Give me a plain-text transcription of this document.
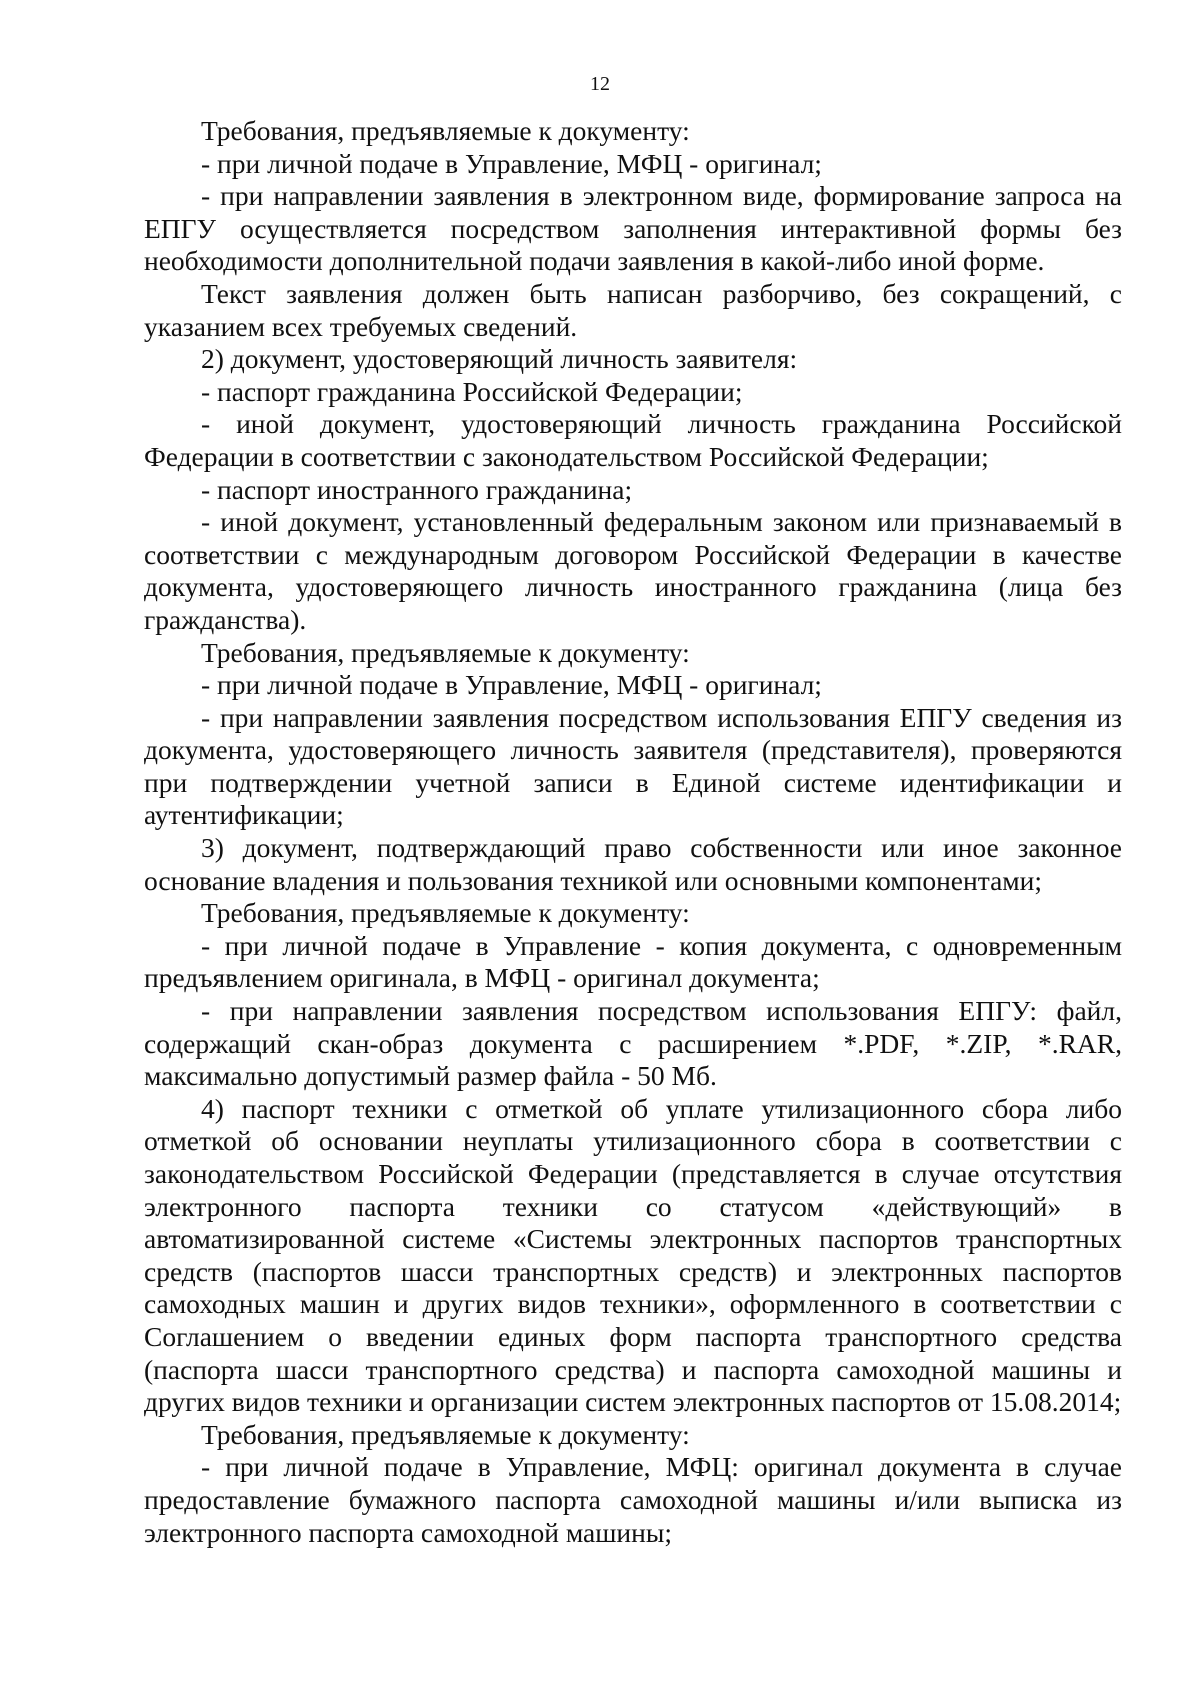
12

Требования, предъявляемые к документу:

- при личной подаче в Управление, МФЦ - оригинал;

- при направлении заявления в электронном виде, формирование запроса на ЕПГУ осуществляется посредством заполнения интерактивной формы без необходимости дополнительной подачи заявления в какой-либо иной форме.

Текст заявления должен быть написан разборчиво, без сокращений, с указанием всех требуемых сведений.

2) документ, удостоверяющий личность заявителя:

- паспорт гражданина Российской Федерации;

- иной документ, удостоверяющий личность гражданина Российской Федерации в соответствии с законодательством Российской Федерации;

- паспорт иностранного гражданина;

- иной документ, установленный федеральным законом или признаваемый в соответствии с международным договором Российской Федерации в качестве документа, удостоверяющего личность иностранного гражданина (лица без гражданства).

Требования, предъявляемые к документу:

- при личной подаче в Управление, МФЦ - оригинал;

- при направлении заявления посредством использования ЕПГУ сведения из документа, удостоверяющего личность заявителя (представителя), проверяются при подтверждении учетной записи в Единой системе идентификации и аутентификации;

3) документ, подтверждающий право собственности или иное законное основание владения и пользования техникой или основными компонентами;

Требования, предъявляемые к документу:

- при личной подаче в Управление - копия документа, с одновременным предъявлением оригинала, в МФЦ - оригинал документа;

- при направлении заявления посредством использования ЕПГУ: файл, содержащий скан-образ документа с расширением *.PDF, *.ZIP, *.RAR, максимально допустимый размер файла - 50 Мб.

4) паспорт техники с отметкой об уплате утилизационного сбора либо отметкой об основании неуплаты утилизационного сбора в соответствии с законодательством Российской Федерации (представляется в случае отсутствия электронного паспорта техники со статусом «действующий» в автоматизированной системе «Системы электронных паспортов транспортных средств (паспортов шасси транспортных средств) и электронных паспортов самоходных машин и других видов техники», оформленного в соответствии с Соглашением о введении единых форм паспорта транспортного средства (паспорта шасси транспортного средства) и паспорта самоходной машины и других видов техники и организации систем электронных паспортов от 15.08.2014;

Требования, предъявляемые к документу:

- при личной подаче в Управление, МФЦ: оригинал документа в случае предоставление бумажного паспорта самоходной машины и/или выписка из электронного паспорта самоходной машины;
